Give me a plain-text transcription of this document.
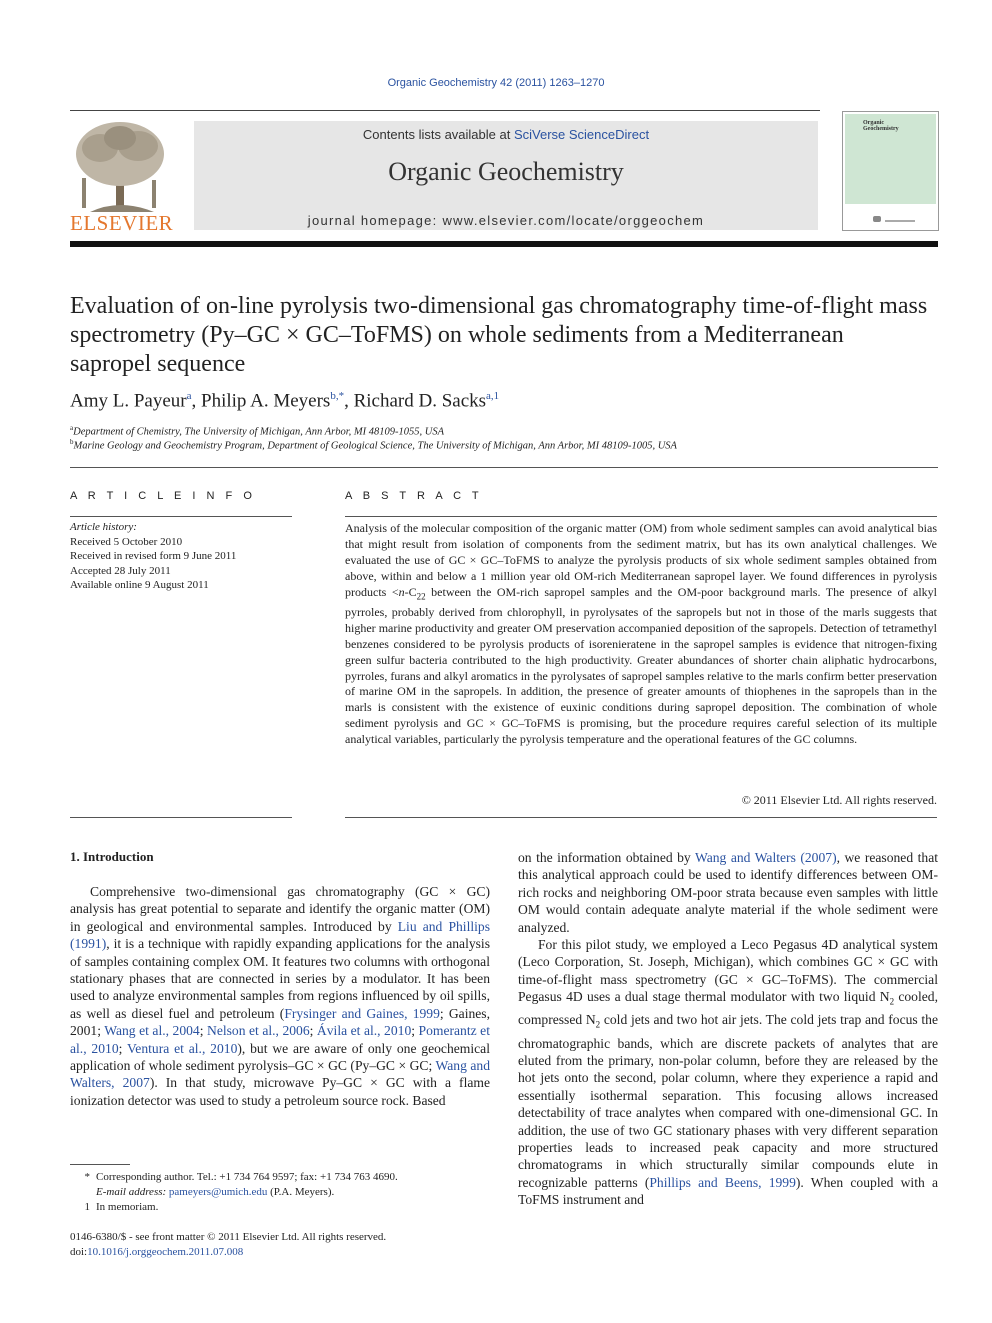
Organic Geochemistry 42 (2011) 1263–1270
ELSEVIER
Contents lists available at SciVerse ScienceDirect
Organic Geochemistry
journal homepage: www.elsevier.com/locate/orggeochem
Organic
Geochemistry
Evaluation of on-line pyrolysis two-dimensional gas chromatography time-of-flight mass spectrometry (Py–GC × GC–ToFMS) on whole sediments from a Mediterranean sapropel sequence
Amy L. Payeur$^a$, Philip A. Meyers$^{b,*}$, Richard D. Sacks$^{a,1}$
$^a$Department of Chemistry, The University of Michigan, Ann Arbor, MI 48109-1055, USA
$^b$Marine Geology and Geochemistry Program, Department of Geological Science, The University of Michigan, Ann Arbor, MI 48109-1005, USA
A R T I C L E I N F O
Article history:
Received 5 October 2010
Received in revised form 9 June 2011
Accepted 28 July 2011
Available online 9 August 2011
A B S T R A C T
Analysis of the molecular composition of the organic matter (OM) from whole sediment samples can avoid analytical bias that might result from isolation of components from the sediment matrix, but has its own analytical challenges. We evaluated the use of GC × GC–ToFMS to analyze the pyrolysis products of six whole sediment samples obtained from above, within and below a 1 million year old OM-rich Mediterranean sapropel layer. We found differences in pyrolysis products $<n-C_{22}$ between the OM-rich sapropel samples and the OM-poor background marls. The presence of alkyl pyrroles, probably derived from chlorophyll, in pyrolysates of the sapropels but not in those of the marls suggests that higher marine productivity and greater OM preservation accompanied deposition of the sapropels. Detection of tetramethyl benzenes considered to be pyrolysis products of isorenieratene in the sapropel samples is evidence that nitrogen-fixing green sulfur bacteria contributed to the high productivity. Greater abundances of shorter chain aliphatic hydrocarbons, pyrroles, furans and alkyl aromatics in the pyrolysates of sapropel samples relative to the marls confirm better preservation of marine OM in the sapropels. In addition, the presence of greater amounts of thiophenes in the sapropels than in the marls is consistent with the existence of euxinic conditions during sapropel deposition. The combination of whole sediment pyrolysis and GC × GC–ToFMS is promising, but the procedure requires careful selection of its multiple analytical variables, particularly the pyrolysis temperature and the operational features of the GC columns.
© 2011 Elsevier Ltd. All rights reserved.
1. Introduction

Comprehensive two-dimensional gas chromatography (GC × GC) analysis has great potential to separate and identify the organic matter (OM) in geological and environmental samples. Introduced by Liu and Phillips (1991), it is a technique with rapidly expanding applications for the analysis of samples containing complex OM. It features two columns with orthogonal stationary phases that are connected in series by a modulator. It has been used to analyze environmental samples from regions influenced by oil spills, as well as diesel fuel and petroleum (Frysinger and Gaines, 1999; Gaines, 2001; Wang et al., 2004; Nelson et al., 2006; Ávila et al., 2010; Pomerantz et al., 2010; Ventura et al., 2010), but we are aware of only one geochemical application of whole sediment pyrolysis–GC × GC (Py–GC × GC; Wang and Walters, 2007). In that study, microwave Py–GC × GC with a flame ionization detector was used to study a petroleum source rock. Based

on the information obtained by Wang and Walters (2007), we reasoned that this analytical approach could be used to identify differences between OM-rich rocks and neighboring OM-poor strata because even samples with little OM would contain adequate analyte material if the whole sediment were analyzed.

For this pilot study, we employed a Leco Pegasus 4D analytical system (Leco Corporation, St. Joseph, Michigan), which combines GC × GC with time-of-flight mass spectrometry (GC × GC–ToFMS). The commercial Pegasus 4D uses a dual stage thermal modulator with two liquid $N_2$ cooled, compressed $N_2$ cold jets and two hot air jets. The cold jets trap and focus the chromatographic bands, which are discrete packets of analytes that are eluted from the primary, non-polar column, before they are released by the hot jets onto the second, polar column, where they experience a rapid and essentially isothermal separation. This focusing allows increased detectability of trace analytes when compared with one-dimensional GC. In addition, the use of two GC stationary phases with very different separation properties leads to increased peak capacity and more structured chromatograms in which structurally similar compounds elute in recognizable patterns (Phillips and Beens, 1999). When coupled with a ToFMS instrument and

* Corresponding author. Tel.: +1 734 764 9597; fax: +1 734 763 4690.
E-mail address: pameyers@umich.edu (P.A. Meyers).
1 In memoriam.
0146-6380/$ - see front matter © 2011 Elsevier Ltd. All rights reserved.
doi:10.1016/j.orggeochem.2011.07.008
